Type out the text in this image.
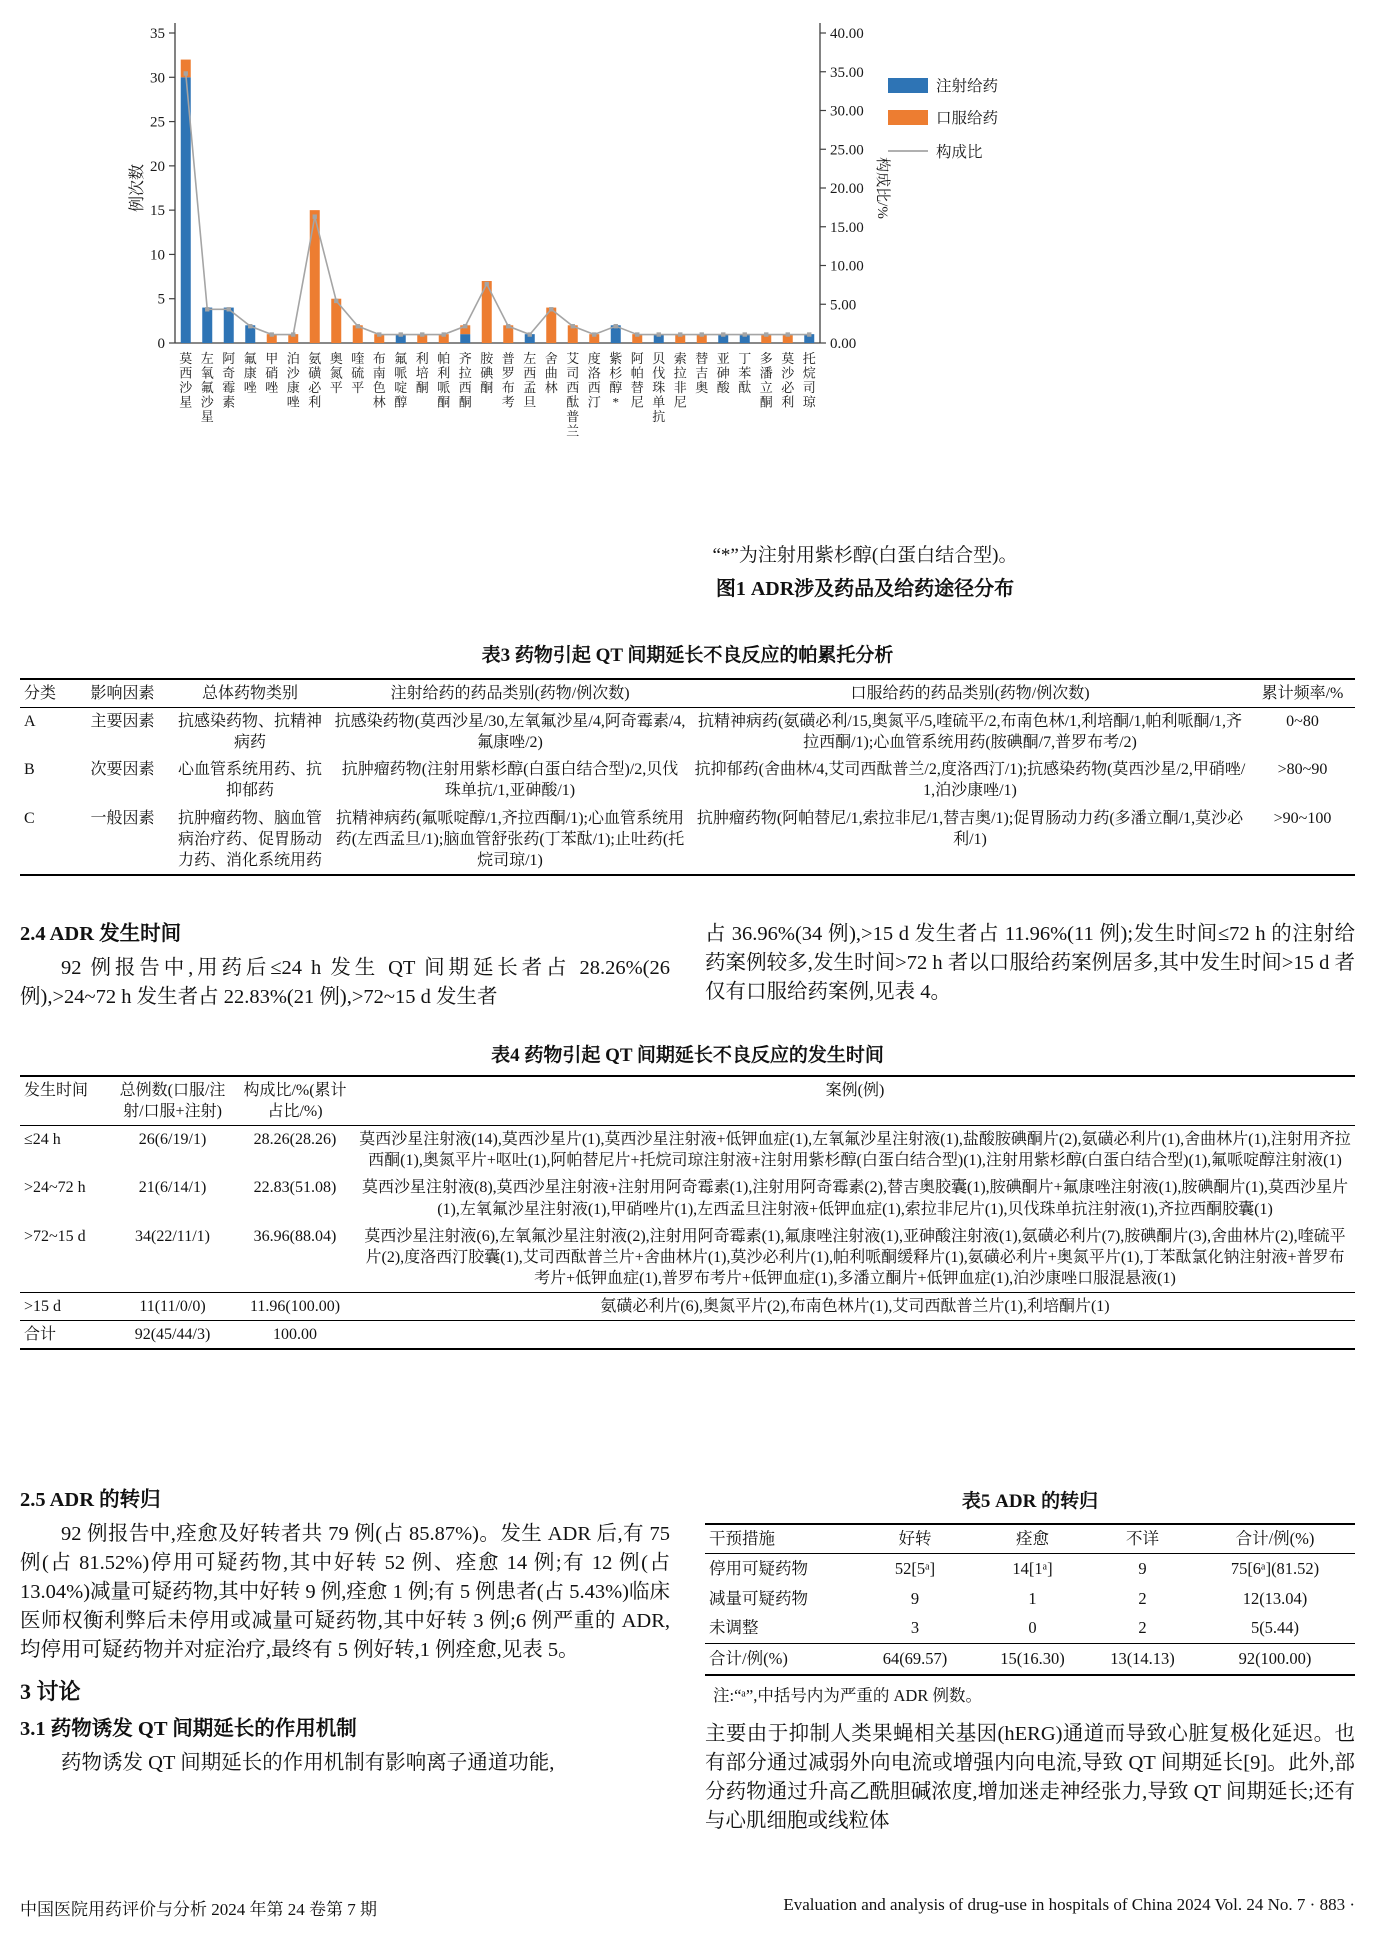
0
5
10
15
20
25
30
35
0.00
5.00
10.00
15.00
20.00
25.00
30.00
35.00
40.00
例次数	构成比/%
莫西沙星
左氧氟沙星
阿奇霉素
氟康唑
甲硝唑
泊沙康唑
氨磺必利
奥氮平
喹硫平
布南色林
氟哌啶醇
利培酮
帕利哌酮
齐拉西酮
胺碘酮
普罗布考
左西孟旦
舍曲林
艾司西酞普兰
度洛西汀
紫杉醇*
阿帕替尼
贝伐珠单抗
索拉非尼
替吉奥
亚砷酸
丁苯酞
多潘立酮
莫沙必利
托烷司琼
注射给药
口服给药
构成比
“*”为注射用紫杉醇(白蛋白结合型)。
图1 ADR涉及药品及给药途径分布
表3 药物引起 QT 间期延长不良反应的帕累托分析
分类	影响因素	总体药物类别	注射给药的药品类别(药物/例次数)	口服给药的药品类别(药物/例次数)	累计频率/%
A	主要因素	抗感染药物、抗精神病药	抗感染药物(莫西沙星/30,左氧氟沙星/4,阿奇霉素/4,氟康唑/2)	抗精神病药(氨磺必利/15,奥氮平/5,喹硫平/2,布南色林/1,利培酮/1,帕利哌酮/1,齐拉西酮/1);心血管系统用药(胺碘酮/7,普罗布考/2)	0~80
B	次要因素	心血管系统用药、抗抑郁药	抗肿瘤药物(注射用紫杉醇(白蛋白结合型)/2,贝伐珠单抗/1,亚砷酸/1)	抗抑郁药(舍曲林/4,艾司西酞普兰/2,度洛西汀/1);抗感染药物(莫西沙星/2,甲硝唑/1,泊沙康唑/1)	>80~90
C	一般因素	抗肿瘤药物、脑血管病治疗药、促胃肠动力药、消化系统用药	抗精神病药(氟哌啶醇/1,齐拉西酮/1);心血管系统用药(左西孟旦/1);脑血管舒张药(丁苯酞/1);止吐药(托烷司琼/1)	抗肿瘤药物(阿帕替尼/1,索拉非尼/1,替吉奥/1);促胃肠动力药(多潘立酮/1,莫沙必利/1)	>90~100
2.4 ADR 发生时间

92 例报告中,用药后≤24 h 发生 QT 间期延长者占 28.26%(26 例),>24~72 h 发生者占 22.83%(21 例),>72~15 d 发生者

占 36.96%(34 例),>15 d 发生者占 11.96%(11 例);发生时间≤72 h 的注射给药案例较多,发生时间>72 h 者以口服给药案例居多,其中发生时间>15 d 者仅有口服给药案例,见表 4。

表4 药物引起 QT 间期延长不良反应的发生时间
发生时间	总例数(口服/注射/口服+注射)	构成比/%(累计占比/%)	案例(例)
≤24 h	26(6/19/1)	28.26(28.26)	莫西沙星注射液(14),莫西沙星片(1),莫西沙星注射液+低钾血症(1),左氧氟沙星注射液(1),盐酸胺碘酮片(2),氨磺必利片(1),舍曲林片(1),注射用齐拉西酮(1),奥氮平片+呕吐(1),阿帕替尼片+托烷司琼注射液+注射用紫杉醇(白蛋白结合型)(1),注射用紫杉醇(白蛋白结合型)(1),氟哌啶醇注射液(1)
>24~72 h	21(6/14/1)	22.83(51.08)	莫西沙星注射液(8),莫西沙星注射液+注射用阿奇霉素(1),注射用阿奇霉素(2),替吉奥胶囊(1),胺碘酮片+氟康唑注射液(1),胺碘酮片(1),莫西沙星片(1),左氧氟沙星注射液(1),甲硝唑片(1),左西孟旦注射液+低钾血症(1),索拉非尼片(1),贝伐珠单抗注射液(1),齐拉西酮胶囊(1)
>72~15 d	34(22/11/1)	36.96(88.04)	莫西沙星注射液(6),左氧氟沙星注射液(2),注射用阿奇霉素(1),氟康唑注射液(1),亚砷酸注射液(1),氨磺必利片(7),胺碘酮片(3),舍曲林片(2),喹硫平片(2),度洛西汀胶囊(1),艾司西酞普兰片+舍曲林片(1),莫沙必利片(1),帕利哌酮缓释片(1),氨磺必利片+奥氮平片(1),丁苯酞氯化钠注射液+普罗布考片+低钾血症(1),普罗布考片+低钾血症(1),多潘立酮片+低钾血症(1),泊沙康唑口服混悬液(1)
>15 d	11(11/0/0)	11.96(100.00)	氨磺必利片(6),奥氮平片(2),布南色林片(1),艾司西酞普兰片(1),利培酮片(1)
合计	92(45/44/3)	100.00	
2.5 ADR 的转归

92 例报告中,痊愈及好转者共 79 例(占 85.87%)。发生 ADR 后,有 75 例(占 81.52%)停用可疑药物,其中好转 52 例、痊愈 14 例;有 12 例(占 13.04%)减量可疑药物,其中好转 9 例,痊愈 1 例;有 5 例患者(占 5.43%)临床医师权衡利弊后未停用或减量可疑药物,其中好转 3 例;6 例严重的 ADR,均停用可疑药物并对症治疗,最终有 5 例好转,1 例痊愈,见表 5。

3 讨论
3.1 药物诱发 QT 间期延长的作用机制

药物诱发 QT 间期延长的作用机制有影响离子通道功能,

表5 ADR 的转归
干预措施	好转	痊愈	不详	合计/例(%)
停用可疑药物	52[5ᵃ]	14[1ᵃ]	9	75[6ᵃ](81.52)
减量可疑药物	9	1	2	12(13.04)
未调整	3	0	2	5(5.44)
合计/例(%)	64(69.57)	15(16.30)	13(14.13)	92(100.00)
注:“ᵃ”,中括号内为严重的 ADR 例数。

主要由于抑制人类果蝇相关基因(hERG)通道而导致心脏复极化延迟。也有部分通过减弱外向电流或增强内向电流,导致 QT 间期延长[9]。此外,部分药物通过升高乙酰胆碱浓度,增加迷走神经张力,导致 QT 间期延长;还有与心肌细胞或线粒体

中国医院用药评价与分析 2024 年第 24 卷第 7 期	Evaluation and analysis of drug-use in hospitals of China 2024 Vol. 24 No. 7 · 883 ·
